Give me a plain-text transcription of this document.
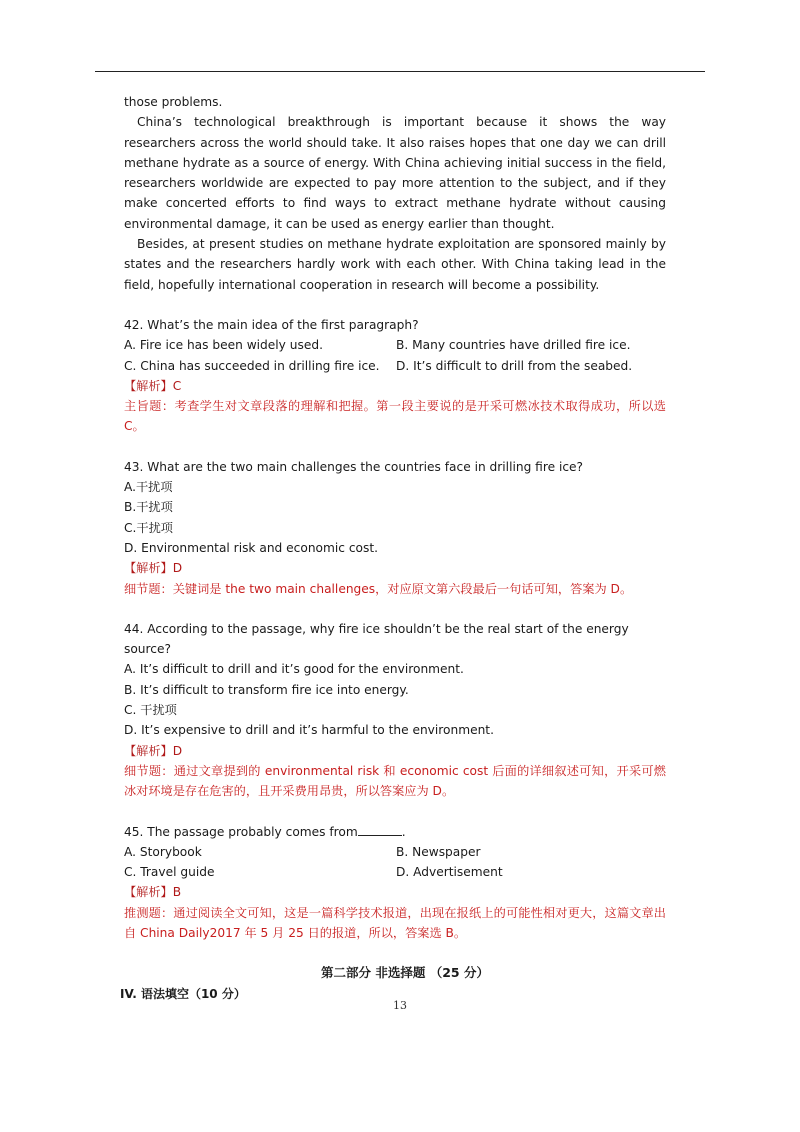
those problems.

China’s technological breakthrough is important because it shows the way researchers across the world should take. It also raises hopes that one day we can drill methane hydrate as a source of energy. With China achieving initial success in the field, researchers worldwide are expected to pay more attention to the subject, and if they make concerted efforts to find ways to extract methane hydrate without causing environmental damage, it can be used as energy earlier than thought.

Besides, at present studies on methane hydrate exploitation are sponsored mainly by states and the researchers hardly work with each other. With China taking lead in the field, hopefully international cooperation in research will become a possibility.

42. What’s the main idea of the first paragraph?

A. Fire ice has been widely used.	B. Many countries have drilled fire ice.
C. China has succeeded in drilling fire ice.	D. It’s difficult to drill from the seabed.

【解析】C

主旨题：考查学生对文章段落的理解和把握。第一段主要说的是开采可燃冰技术取得成功，所以选 C。

43. What are the two main challenges the countries face in drilling fire ice?

A.干扰项

B.干扰项

C.干扰项

D. Environmental risk and economic cost.

【解析】D

细节题：关键词是 the two main challenges，对应原文第六段最后一句话可知，答案为 D。

44. According to the passage, why fire ice shouldn’t be the real start of the energy source?

A. It’s difficult to drill and it’s good for the environment.

B. It’s difficult to transform fire ice into energy.

C. 干扰项

D. It’s expensive to drill and it’s harmful to the environment.

【解析】D

细节题：通过文章提到的 environmental risk 和 economic cost 后面的详细叙述可知，开采可燃冰对环境是存在危害的，且开采费用昂贵，所以答案应为 D。

45. The passage probably comes from	.

A. Storybook	B. Newspaper
C. Travel guide	D. Advertisement

【解析】B

推测题：通过阅读全文可知，这是一篇科学技术报道，出现在报纸上的可能性相对更大，这篇文章出自 China Daily2017 年 5 月 25 日的报道，所以，答案选 B。

第二部分 非选择题 （25 分）

IV. 语法填空（10 分）

13
